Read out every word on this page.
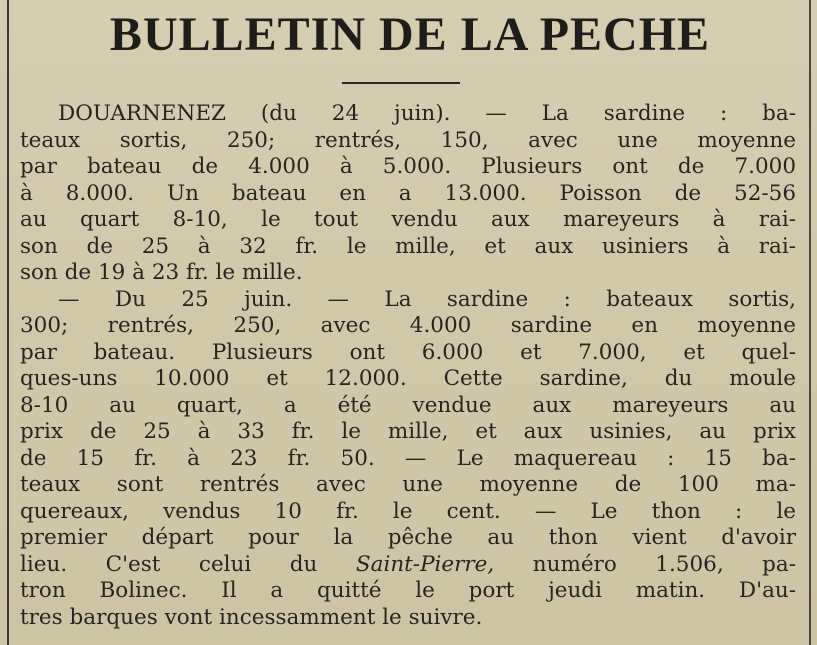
BULLETIN DE LA PECHE
DOUARNENEZ (du 24 juin). — La sardine : ba-
teaux sortis, 250; rentrés, 150, avec une moyenne
par bateau de 4.000 à 5.000. Plusieurs ont de 7.000
à 8.000. Un bateau en a 13.000. Poisson de 52-56
au quart 8-10, le tout vendu aux mareyeurs à rai-
son de 25 à 32 fr. le mille, et aux usiniers à rai-
son de 19 à 23 fr. le mille.
— Du 25 juin. — La sardine : bateaux sortis,
300; rentrés, 250, avec 4.000 sardine en moyenne
par bateau. Plusieurs ont 6.000 et 7.000, et quel-
ques-uns 10.000 et 12.000. Cette sardine, du moule
8-10 au quart, a été vendue aux mareyeurs au
prix de 25 à 33 fr. le mille, et aux usinies, au prix
de 15 fr. à 23 fr. 50. — Le maquereau : 15 ba-
teaux sont rentrés avec une moyenne de 100 ma-
quereaux, vendus 10 fr. le cent. — Le thon : le
premier départ pour la pêche au thon vient d'avoir
lieu. C'est celui du Saint-Pierre, numéro 1.506, pa-
tron Bolinec. Il a quitté le port jeudi matin. D'au-
tres barques vont incessamment le suivre.
